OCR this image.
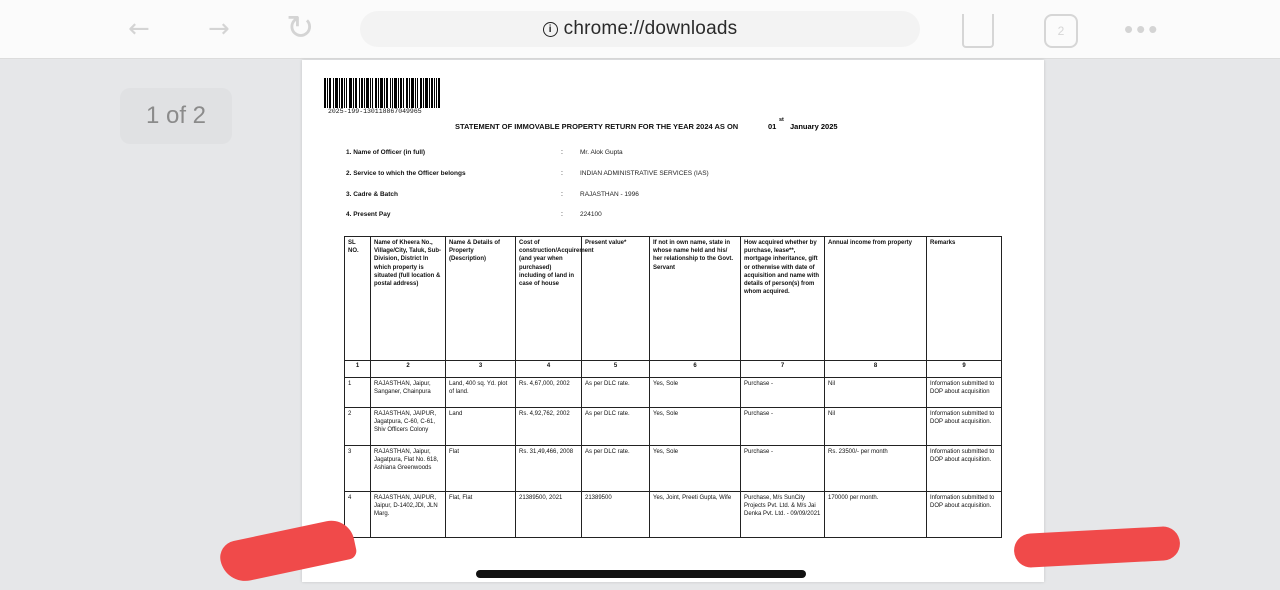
← → ↻	i chrome://downloads	2	•••
1 of 2	2025-199-130118867049965
STATEMENT OF IMMOVABLE PROPERTY RETURN FOR THE YEAR 2024 AS ON	01
st
January 2025
1. Name of Officer (in full)	:	Mr. Alok Gupta
2. Service to which the Officer belongs	:	INDIAN ADMINISTRATIVE SERVICES (IAS)
3. Cadre & Batch	:	RAJASTHAN - 1996
4. Present Pay	:	224100
SL NO.	Name of Kheera No., Village/City, Taluk, Sub-Division, District In which property is situated (full location & postal address)	Name & Details of Property (Description)	Cost of construction/Acquirement (and year when purchased) including of land in case of house	Present value*	If not in own name, state in whose name held and his/ her relationship to the Govt. Servant	How acquired whether by purchase, lease**, mortgage inheritance, gift or otherwise with date of acquisition and name with details of person(s) from whom acquired.	Annual income from property	Remarks
1	2	3	4	5	6	7	8	9
1	RAJASTHAN, Jaipur, Sanganer, Chainpura	Land, 400 sq. Yd. plot of land.	Rs. 4,67,000, 2002	As per DLC rate.	Yes, Sole	Purchase -	Nil	Information submitted to DOP about acquisition
2	RAJASTHAN, JAIPUR, Jagatpura, C-60, C-61, Shiv Officers Colony	Land	Rs. 4,92,762, 2002	As per DLC rate.	Yes, Sole	Purchase -	Nil	Information submitted to DOP about acquisition.
3	RAJASTHAN, Jaipur, Jagatpura, Flat No. 618, Ashiana Greenwoods	Flat	Rs. 31,49,466, 2008	As per DLC rate.	Yes, Sole	Purchase -	Rs. 23500/- per month	Information submitted to DOP about acquisition.
4	RAJASTHAN, JAIPUR, Jaipur, D-1402,JDI, JLN Marg.	Flat, Flat	21389500, 2021	21389500	Yes, Joint, Preeti Gupta, Wife	Purchase, M/s SunCity Projects Pvt. Ltd. & M/s Jai Denka Pvt. Ltd. - 09/09/2021	170000 per month.	Information submitted to DOP about acquisition.
